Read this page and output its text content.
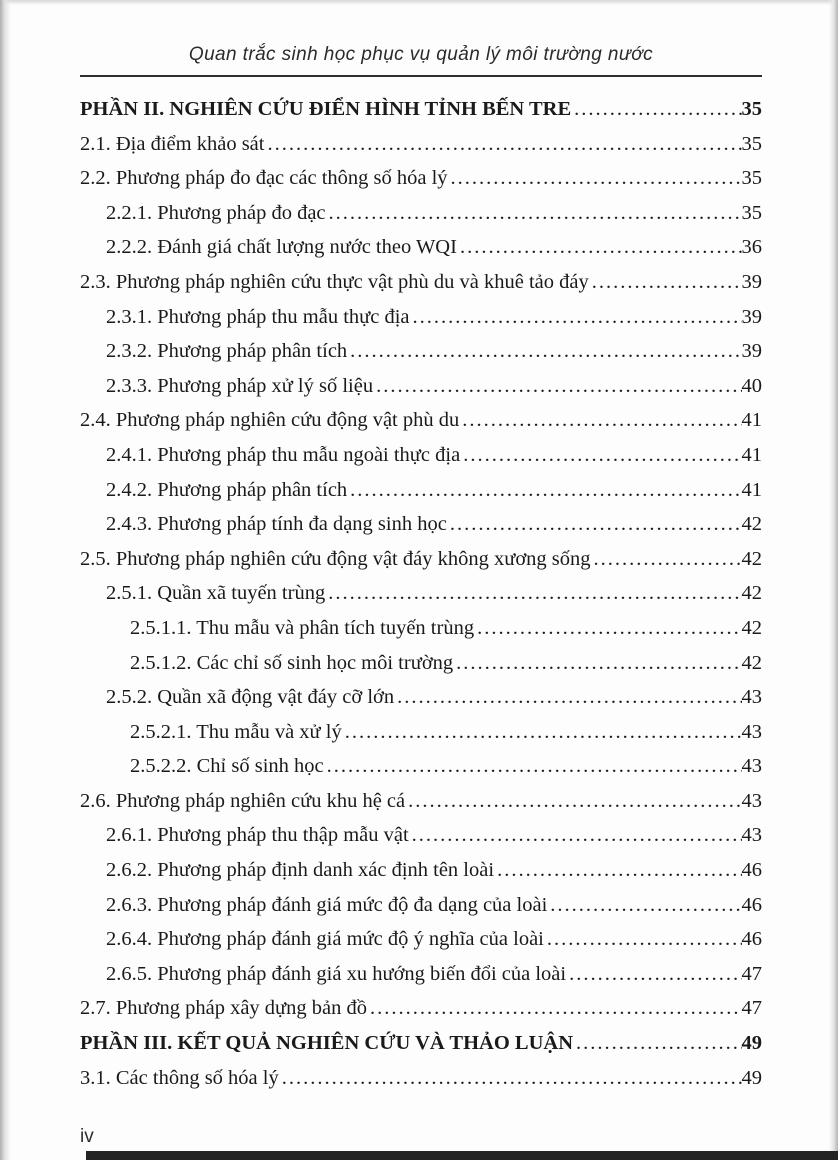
Quan trắc sinh học phục vụ quản lý môi trường nước
PHẦN II. NGHIÊN CỨU ĐIỂN HÌNH TỈNH BẾN TRE .....	35
2.1. Địa điểm khảo sát .....	35
2.2. Phương pháp đo đạc các thông số hóa lý .....	35
2.2.1. Phương pháp đo đạc .....	35
2.2.2. Đánh giá chất lượng nước theo WQI .....	36
2.3. Phương pháp nghiên cứu thực vật phù du và khuê tảo đáy .....	39
2.3.1. Phương pháp thu mẫu thực địa .....	39
2.3.2. Phương pháp phân tích .....	39
2.3.3. Phương pháp xử lý số liệu .....	40
2.4. Phương pháp nghiên cứu động vật phù du .....	41
2.4.1. Phương pháp thu mẫu ngoài thực địa .....	41
2.4.2. Phương pháp phân tích .....	41
2.4.3. Phương pháp tính đa dạng sinh học .....	42
2.5. Phương pháp nghiên cứu động vật đáy không xương sống .....	42
2.5.1. Quần xã tuyến trùng .....	42
2.5.1.1. Thu mẫu và phân tích tuyến trùng .....	42
2.5.1.2. Các chỉ số sinh học môi trường .....	42
2.5.2. Quần xã động vật đáy cỡ lớn .....	43
2.5.2.1. Thu mẫu và xử lý .....	43
2.5.2.2. Chỉ số sinh học .....	43
2.6. Phương pháp nghiên cứu khu hệ cá .....	43
2.6.1. Phương pháp thu thập mẫu vật .....	43
2.6.2. Phương pháp định danh xác định tên loài .....	46
2.6.3. Phương pháp đánh giá mức độ đa dạng của loài .....	46
2.6.4. Phương pháp đánh giá mức độ ý nghĩa của loài .....	46
2.6.5. Phương pháp đánh giá xu hướng biến đổi của loài .....	47
2.7. Phương pháp xây dựng bản đồ .....	47
PHẦN III. KẾT QUẢ NGHIÊN CỨU VÀ THẢO LUẬN .....	49
3.1. Các thông số hóa lý .....	49
iv
